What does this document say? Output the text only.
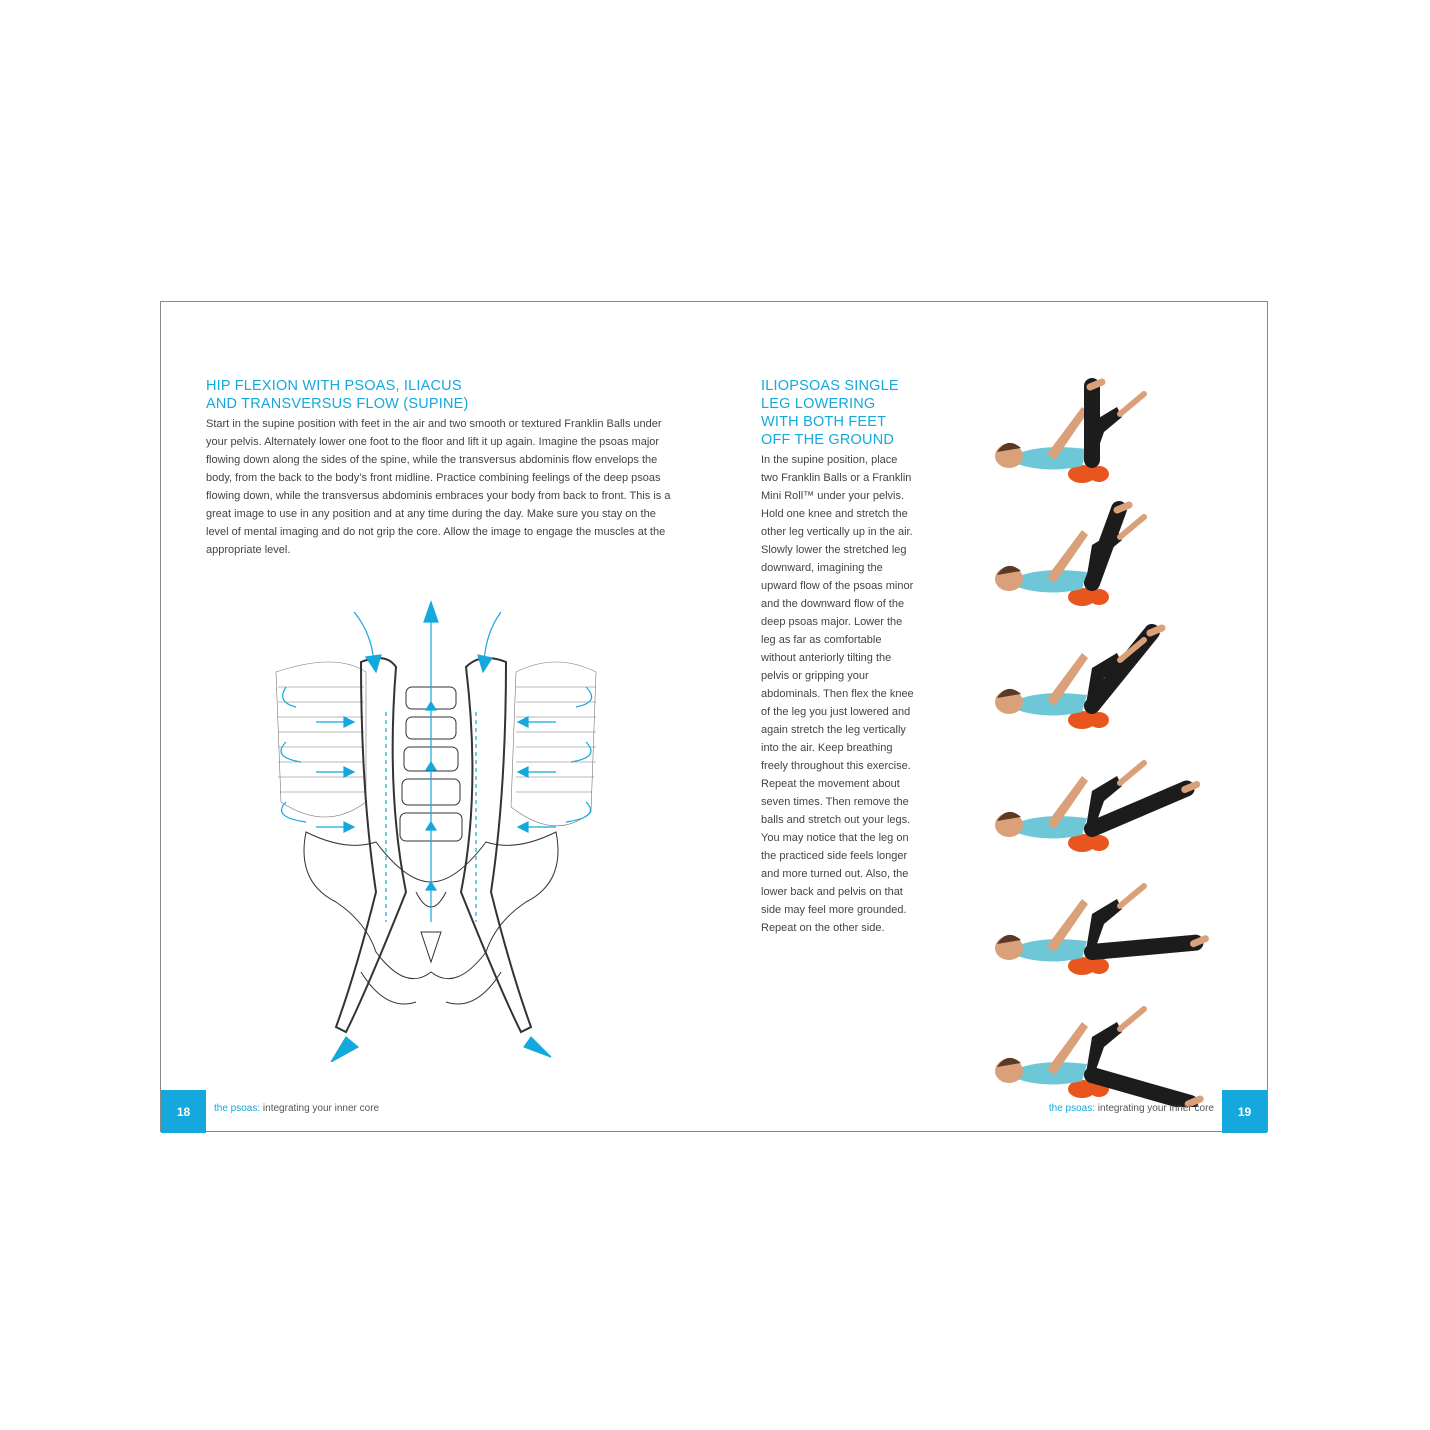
HIP FLEXION WITH PSOAS, ILIACUS
AND TRANSVERSUS FLOW (SUPINE)

Start in the supine position with feet in the air and two smooth or textured Franklin Balls under your pelvis. Alternately lower one foot to the floor and lift it up again. Imagine the psoas major flowing down along the sides of the spine, while the transversus abdominis flow envelops the body, from the back to the body’s front midline. Practice combining feelings of the deep psoas flowing down, while the transversus abdominis embraces your body from back to front. This is a great image to use in any position and at any time during the day. Make sure you stay on the level of mental imaging and do not grip the core. Allow the image to engage the muscles at the appropriate level.

ILIOPSOAS SINGLE
LEG LOWERING
WITH BOTH FEET
OFF THE GROUND

In the supine position, place two Franklin Balls or a Franklin Mini Roll™ under your pelvis. Hold one knee and stretch the other leg vertically up in the air. Slowly lower the stretched leg downward, imagining the upward flow of the psoas minor and the downward flow of the deep psoas major. Lower the leg as far as comfortable without anteriorly tilting the pelvis or gripping your abdominals. Then flex the knee of the leg you just lowered and again stretch the leg vertically into the air. Keep breathing freely throughout this exercise. Repeat the movement about seven times. Then remove the balls and stretch out your legs. You may notice that the leg on the practiced side feels longer and more turned out. Also, the lower back and pelvis on that side may feel more grounded. Repeat on the other side.

18	the psoas: integrating your inner core	the psoas: integrating your inner core	19
